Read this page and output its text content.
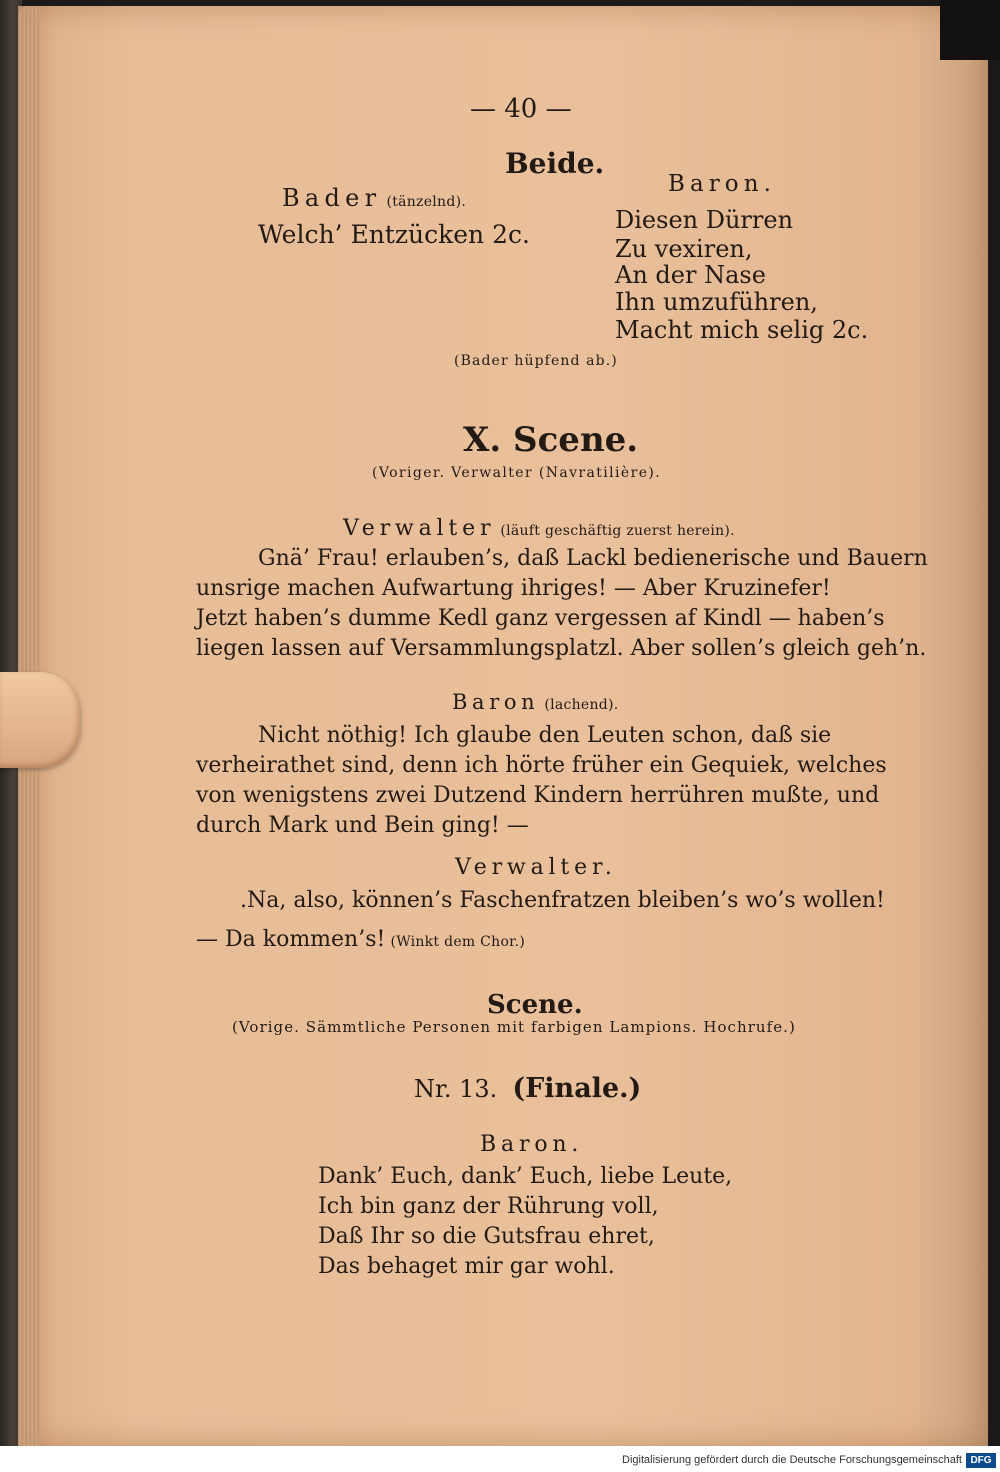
— 40 —
Beide.
Bader (tänzelnd).
Welch’ Entzücken 2c.
Baron.
Diesen Dürren
Zu vexiren,
An der Nase
Ihn umzuführen,
Macht mich selig 2c.
(Bader hüpfend ab.)
X. Scene.
(Voriger. Verwalter (Navratilière).
Verwalter (läuft geschäftig zuerst herein).
Gnä’ Frau! erlauben’s, daß Lackl bedienerische und Bauern
unsrige machen Aufwartung ihriges! — Aber Kruzinefer!
Jetzt haben’s dumme Kedl ganz vergessen af Kindl — haben’s
liegen lassen auf Versammlungsplatzl. Aber sollen’s gleich geh’n.
Baron (lachend).
Nicht nöthig! Ich glaube den Leuten schon, daß sie
verheirathet sind, denn ich hörte früher ein Gequiek, welches
von wenigstens zwei Dutzend Kindern herrühren mußte, und
durch Mark und Bein ging! —
Verwalter.
.Na, also, können’s Faschenfratzen bleiben’s wo’s wollen!
— Da kommen’s! (Winkt dem Chor.)
Scene.
(Vorige. Sämmtliche Personen mit farbigen Lampions. Hochrufe.)
Nr. 13. (Finale.)
Baron.
Dank’ Euch, dank’ Euch, liebe Leute,
Ich bin ganz der Rührung voll,
Daß Ihr so die Gutsfrau ehret,
Das behaget mir gar wohl.
Digitalisierung gefördert durch die Deutsche Forschungsgemeinschaft DFG
